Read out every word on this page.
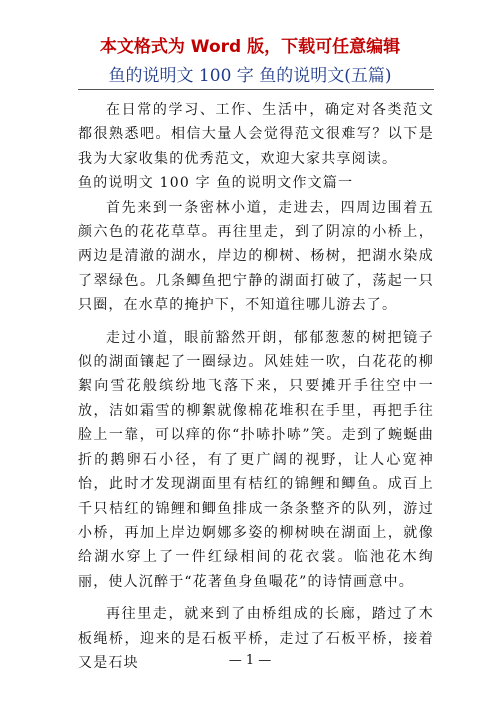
本文格式为 Word 版，下载可任意编辑
鱼的说明文 100 字 鱼的说明文(五篇)

在日常的学习、工作、生活中，确定对各类范文都很熟悉吧。相信大量人会觉得范文很难写？以下是我为大家收集的优秀范文，欢迎大家共享阅读。

鱼的说明文 100 字 鱼的说明文作文篇一

首先来到一条密林小道，走进去，四周边围着五颜六色的花花草草。再往里走，到了阴凉的小桥上，两边是清澈的湖水，岸边的柳树、杨树，把湖水染成了翠绿色。几条鲫鱼把宁静的湖面打破了，荡起一只只圈，在水草的掩护下，不知道往哪儿游去了。

走过小道，眼前豁然开朗，郁郁葱葱的树把镜子似的湖面镶起了一圈绿边。风娃娃一吹，白花花的柳絮向雪花般缤纷地飞落下来，只要摊开手往空中一放，洁如霜雪的柳絮就像棉花堆积在手里，再把手往脸上一靠，可以痒的你“扑哧扑哧”笑。走到了蜿蜒曲折的鹅卵石小径，有了更广阔的视野，让人心宽神怡，此时才发现湖面里有桔红的锦鲤和鲫鱼。成百上千只桔红的锦鲤和鲫鱼排成一条条整齐的队列，游过小桥，再加上岸边婀娜多姿的柳树映在湖面上，就像给湖水穿上了一件红绿相间的花衣裳。临池花木绚丽，使人沉醉于“花著鱼身鱼嘬花”的诗情画意中。

再往里走，就来到了由桥组成的长廊，踏过了木板绳桥，迎来的是石板平桥，走过了石板平桥，接着又是石块	— 1 —
